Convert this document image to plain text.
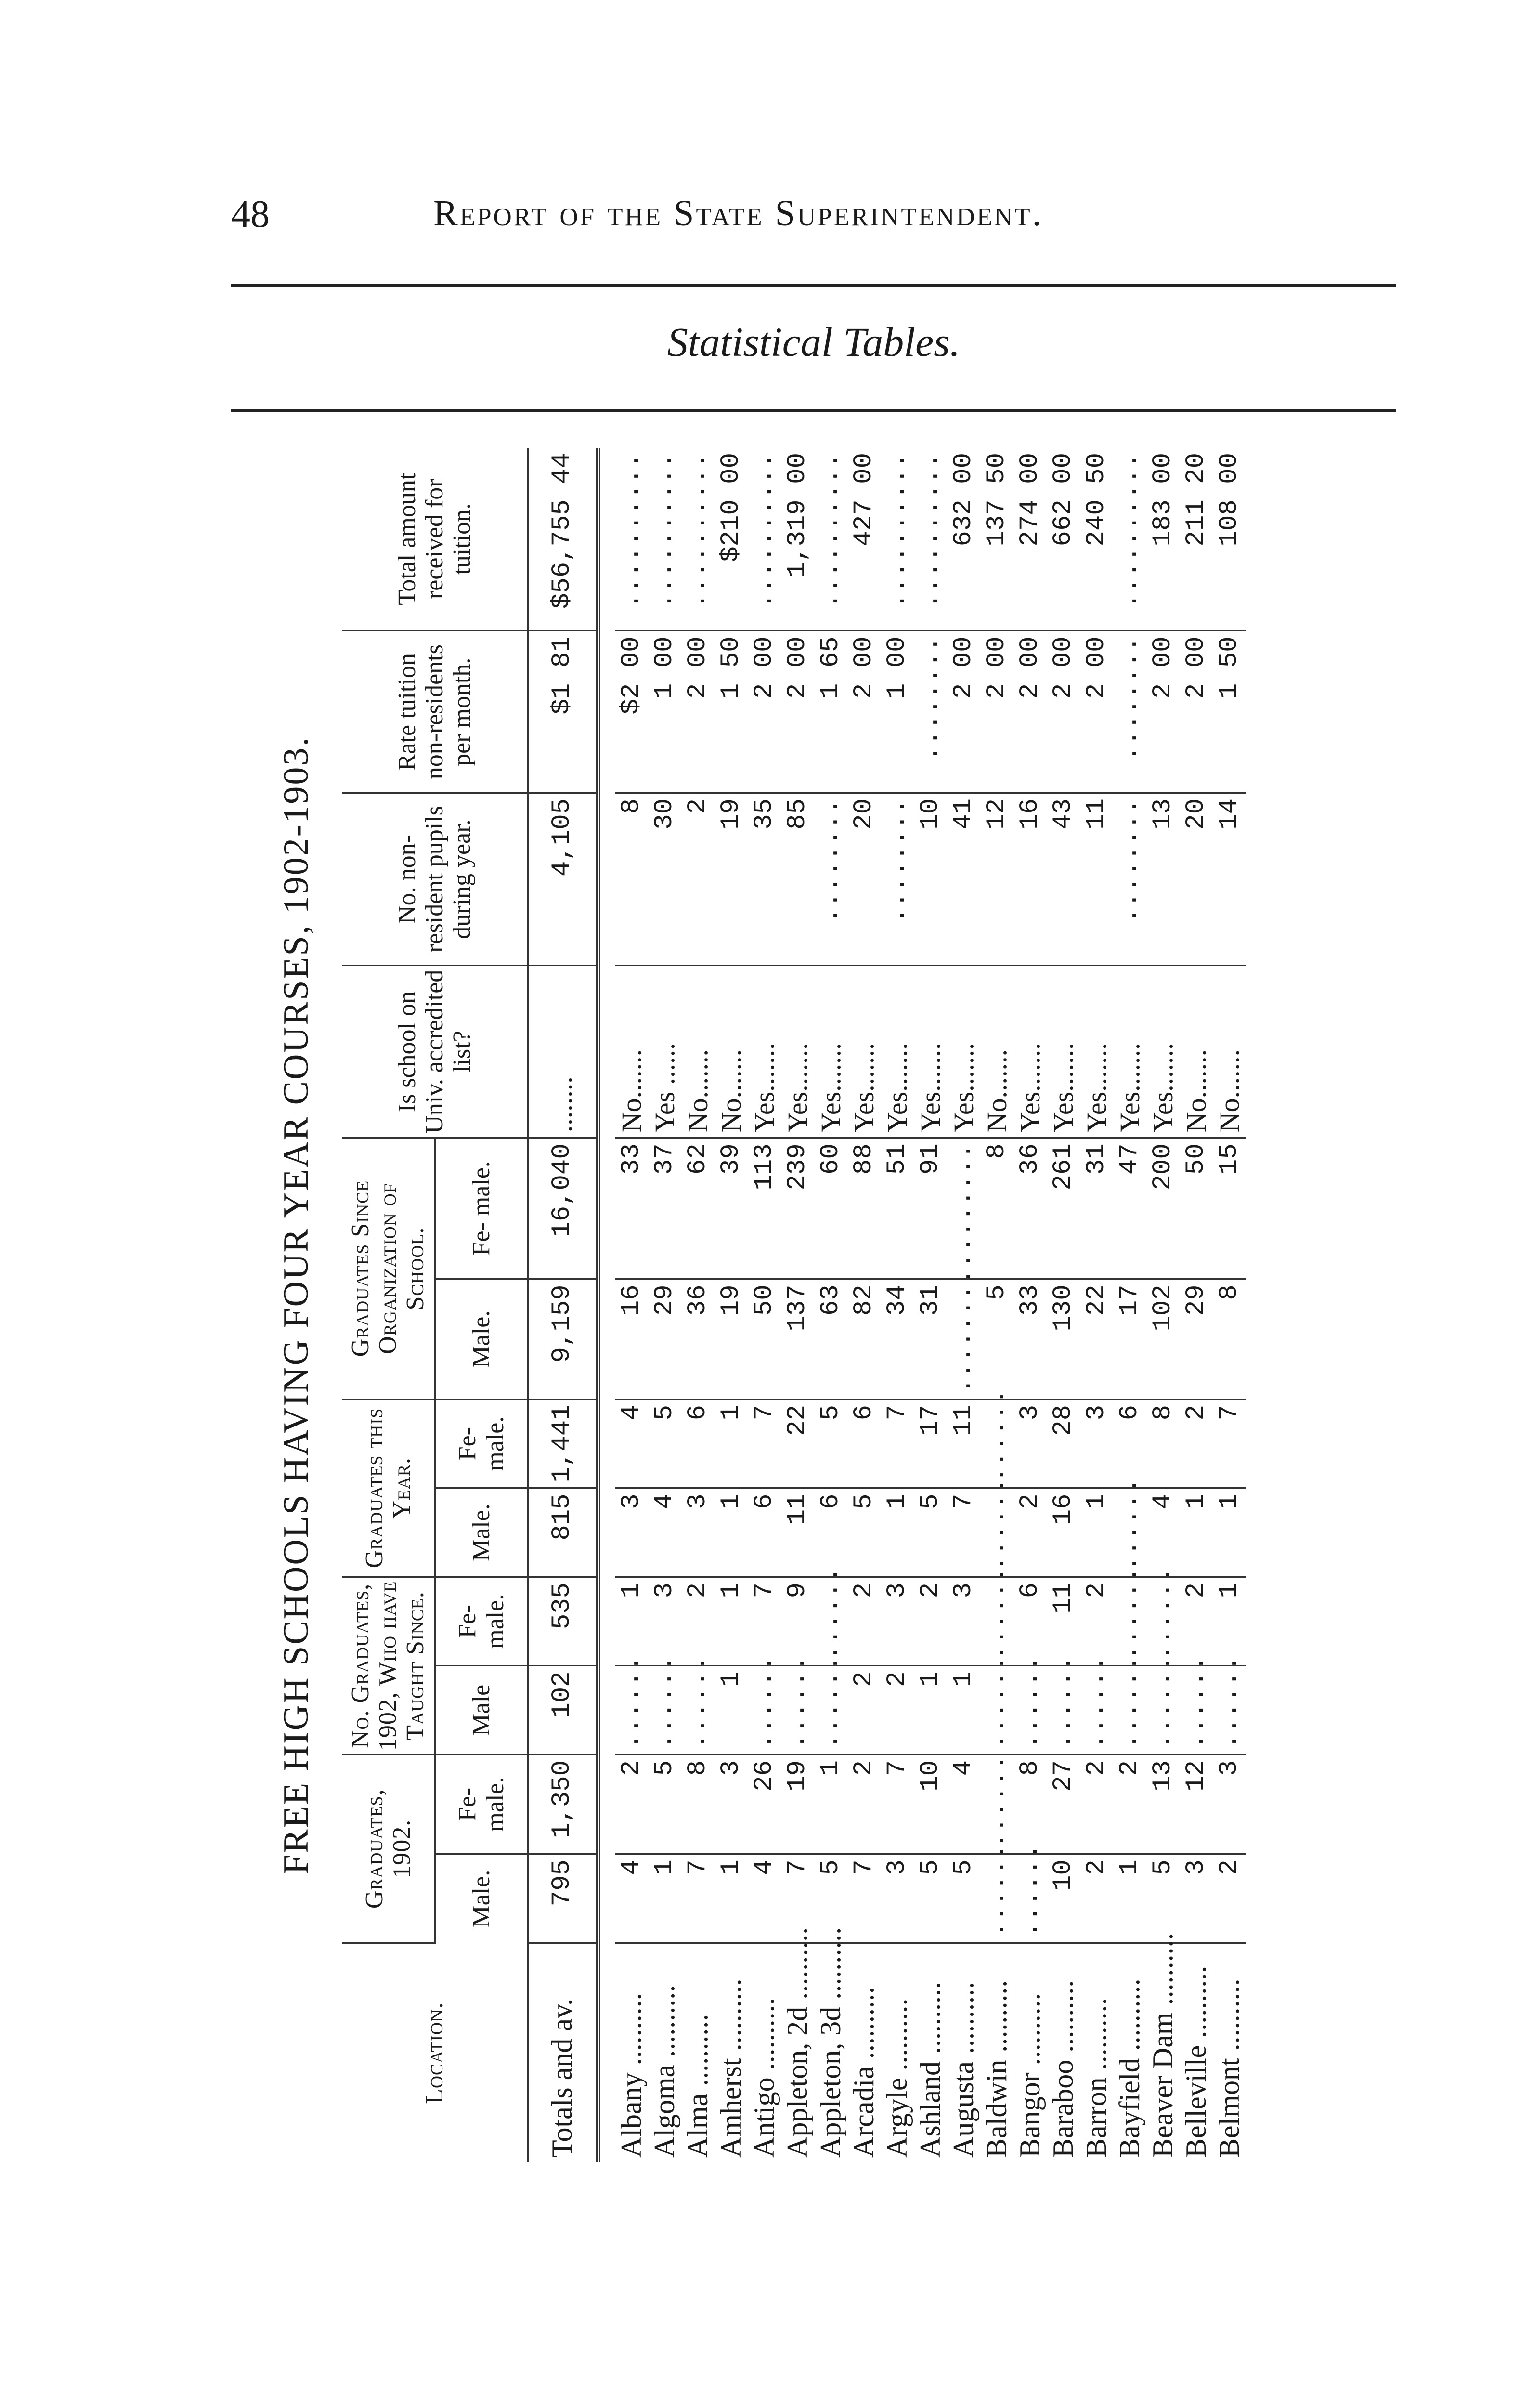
48	Report of the State Superintendent.
Statistical Tables.
FREE HIGH SCHOOLS HAVING FOUR YEAR COURSES, 1902-1903.
Location.	Graduates, 1902.		No. Graduates, 1902, Who have Taught Since.		Graduates this Year.		Graduates Since Organization of School.		Is school on Univ. accredited list?	No. non-resident pupils during year.	Rate tuition non-residents per month.	Total amount received for tuition.
	Male.	Fe- male.	Male	Fe- male.	Male.	Fe- male.	Male.	Fe- male.				
Totals and av.	795	1,350	102	535	815	1,441	9,159	16,040	........	4,105	$1 81	$56,755 44

Albany ..........	4	2	......	1	3	4	16	33	No.......	8	$2 00	..........
Algoma ..........	1	5	......	3	4	5	29	37	Yes ......	30	1 00	..........
Alma ..........	7	8	......	2	3	6	36	62	No.......	2	2 00	..........
Amherst ..........	1	3	1	1	1	1	19	39	No.......	19	1 50	$210 00
Antigo ..........	4	26	......	7	6	7	50	113	Yes.......	35	2 00	..........
Appleton, 2d ..........	7	19	......	9	11	22	137	239	Yes.......	85	2 00	1,319 00
Appleton, 3d ..........	5	1	......	......	6	5	63	60	Yes.......	........	1 65	..........
Arcadia ..........	7	2	2	2	5	6	82	88	Yes.......	20	2 00	427 00
Argyle ..........	3	7	2	3	1	7	34	51	Yes.......	........	1 00	..........
Ashland ..........	5	10	1	2	5	17	31	91	Yes.......	10	........	..........
Augusta ..........	5	4	1	3	7	11	........	........	Yes.......	41	2 00	632 00
Baldwin ..........	......	......	......	......	......	......	5	8	No.......	12	2 00	137 50
Bangor ..........	......	8	......	6	2	3	33	36	Yes.......	16	2 00	274 00
Baraboo ..........	10	27	......	11	16	28	130	261	Yes.......	43	2 00	662 00
Barron ..........	2	2	......	2	1	3	22	31	Yes.......	11	2 00	240 50
Bayfield ..........	1	2	......	......	......	6	17	47	Yes.......	........	........	..........
Beaver Dam ..........	5	13	......	......	4	8	102	200	Yes.......	13	2 00	183 00
Belleville ..........	3	12	......	2	1	2	29	50	No.......	20	2 00	211 20
Belmont ..........	2	3	......	1	1	7	8	15	No.......	14	1 50	108 00
